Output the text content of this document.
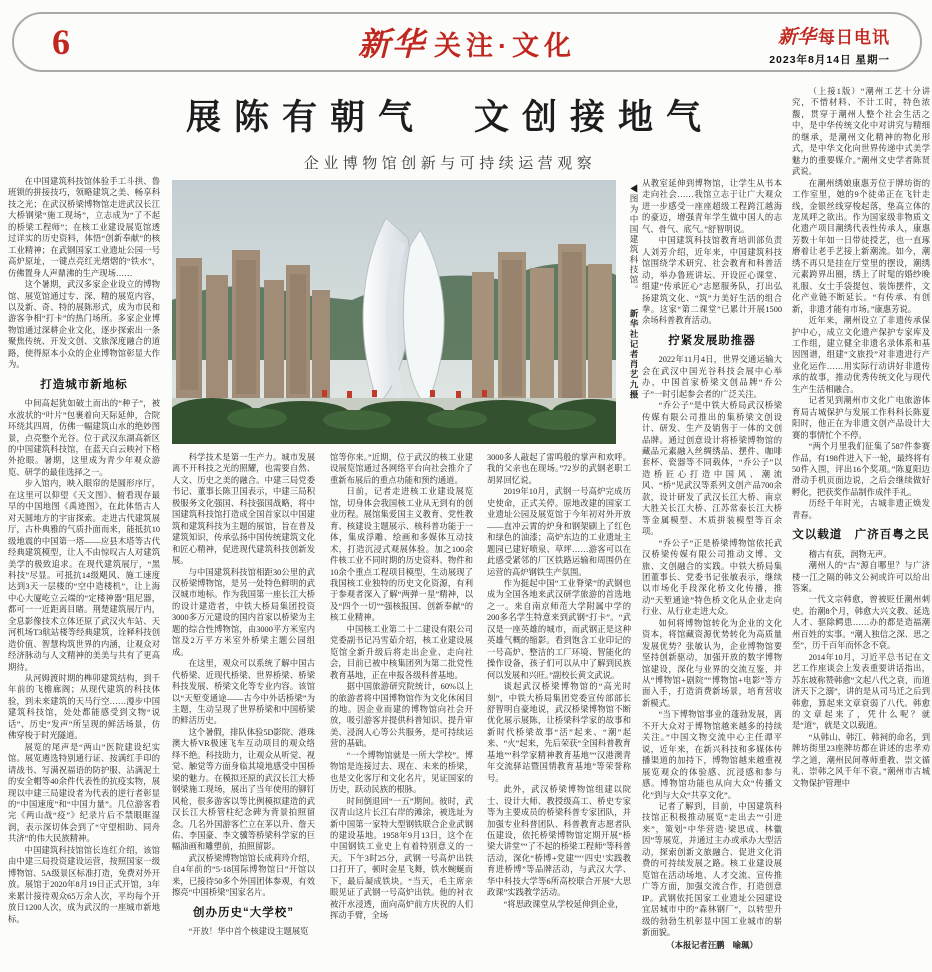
6	新华 关注·文化	新华 每日电讯
2023年8月14日 星期一
展陈有朝气　文创接地气
企业博物馆创新与可持续运营观察
◀图为中国建筑科技馆。新华社记者肖艺九摄

在中国建筑科技馆体验手工斗拱、鲁班锁的拼接技巧，领略建筑之美、畅享科技之光；在武汉桥梁博物馆走进武汉长江大桥钢梁“施工现场”，立志成为“了不起的桥梁工程师”；在核工业建设展览馆透过详实的历史资料，体悟“创新奉献”的核工业精神；在武钢国家工业遗址公园一号高炉原址，一键点亮红光熠熠的“铁水”，仿佛置身人声鼎沸的生产现场……

这个暑期，武汉多家企业设立的博物馆、展览馆通过专、深、精的展览内容，以及新、奇、特的展陈形式，成为市民和游客争相“打卡”的热门场所。多家企业博物馆通过深耕企业文化，逐步探索出一条聚焦传统、开发文创、文旅深度融合的道路，使得原本小众的企业博物馆彰显大作为。

打造城市新地标

中间高起犹如破土而出的“种子”，被水波状的“叶片”包裹着向天际延伸，合院环绕其四周，仿佛一幅建筑山水的绝妙图景，点亮整个光谷。位于武汉东湖高新区的中国建筑科技馆，在蓝天白云映衬下格外抢眼。暑期，这里成为青少年观众游览、研学的最佳选择之一。

步入馆内，映入眼帘的是圆形序厅，在这里可以仰望《天文图》、俯看现存最早的中国地图《禹迹图》，在此体悟古人对天圆地方的宇宙探索。走进古代建筑展厅，古朴典雅的气质扑面而来，能抵抗10级地震的中国第一塔——应县木塔等古代经典建筑模型，让人不由惊叹古人对建筑美学的极致追求。在现代建筑展厅，“黑科技”尽显。可抵抗14级飓风、施工速度达到3天一层楼的“空中造楼机”，让上海中心大厦屹立云端的“定楼神器”阻尼器，都可一一近距离目睹。荆楚建筑展厅内，全息影像技术立体还原了武汉火车站、天河机场T3航站楼等经典建筑，诠释科技创造价值、智慧构筑世界的内涵，让观众对经济脉动与人文精神的美美与共有了更高期待。

从河姆渡时期的榫卯建筑结构，到千年前的飞檐廊阁；从现代建筑的科技体验，到未来建筑的天马行空……漫步中国建筑科技馆，处处都能感受到文物“说话”、历史“发声”所呈现的鲜活场景，仿佛穿梭于时光隧道。

展览的尾声是“两山”医院建设纪实馆。展览遴选特别通行证、按满红手印的请战书、写满祝福语的防护服、沾满泥土的安全帽等40余件代表性的抗疫实物，展现以中建三局建设者为代表的逆行者彰显的“中国速度”和“中国力量”。几位游客看完《两山战“疫”》纪录片后不禁眼眶湿润，表示深切体会到了“守望相助、同舟共济”的伟大民族精神。

中国建筑科技馆馆长连红介绍，该馆由中建三局投资建设运营，按照国家一级博物馆、5A级景区标准打造，免费对外开放。展馆于2020年8月19日正式开馆，3年来累计接待观众65万余人次，平均每个开放日1200人次，成为武汉的一座城市新地标。

科学技术是第一生产力。城市发展离不开科技之光的照耀，也需要自然、人文、历史之美的融合。中建三局党委书记、董事长陈卫国表示，中建三局积极服务文化强国、科技强国战略，将中国建筑科技馆打造成全国首家以中国建筑和建筑科技为主题的展馆，旨在普及建筑知识，传承弘扬中国传统建筑文化和匠心精神，促进现代建筑科技创新发展。

与中国建筑科技馆相距30公里的武汉桥梁博物馆，是另一处特色鲜明的武汉城市地标。作为我国第一座长江大桥的设计建造者，中铁大桥局集团投资3000多万元建设的国内首家以桥梁为主题的综合性博物馆，由3000平方米室内馆及2万平方米室外桥梁主题公园组成。

在这里，观众可以系统了解中国古代桥梁、近现代桥梁、世界桥梁、桥梁科技发展、桥梁文化等专业内容。该馆以“天堑变通途——古今中外话桥梁”为主题，生动呈现了世界桥梁和中国桥梁的鲜活历史。

这个暑假，排队体验5D影院、港珠澳大桥VR极速飞车互动项目的观众络绎不绝。科技助力，让观众从听觉、视觉、触觉等方面身临其境地感受中国桥梁的魅力。在模拟还原的武汉长江大桥钢梁施工现场，展出了当年使用的铆钉风枪，很多游客以等比例模拟建造的武汉长江大桥管柱纪念碑为背景拍照留念。几名外国游客伫立在茅以升、詹天佑、李国豪、李文骥等桥梁科学家的巨幅油画和雕塑前，拍照留影。

武汉桥梁博物馆馆长成莉玲介绍，自4年前的“5·18国际博物馆日”开馆以来，已接待50多个外国团体参观，有效擦亮“中国桥梁”国家名片。

创办历史“大学校”

“开放！华中首个核建设主题展览

馆等你来。”近期，位于武汉的核工业建设展览馆通过各网络平台向社会推介了重新布展后的重点功能和预约通道。

日前，记者走进核工业建设展览馆，切身体会我国核工业从无到有的创业历程。展馆集爱国主义教育、党性教育、核建设主题展示、核科普功能于一体，集成浮雕、绘画和多媒体互动技术，打造沉浸式观展体验。加之100余件核工业不同时期的历史资料、物件和10余个重点工程项目模型，生动展现了我国核工业独特的历史文化资源，有利于参观者深入了解“两弹一星”精神，以及“四个一切”“强核报国、创新奉献”的核工业精神。

中国核工业第二十二建设有限公司党委副书记冯雪茹介绍，核工业建设展览馆全新升级后将走出企业、走向社会，目前已被中核集团列为第二批党性教育基地，正在申报各级科普基地。

据中国旅游研究院统计，60%以上的旅游者将中国博物馆作为文化休闲目的地。因企业而建的博物馆向社会开放，吸引游客并提供科普知识、提升审美、浸润人心等公共服务，是可持续运营的基础。

“一个博物馆就是一所大学校”。博物馆是连接过去、现在、未来的桥梁，也是文化客厅和文化名片，见证国家的历史，跃动民族的根脉。

时间倒退回“一五”期间。彼时，武汉青山这片长江右岸的滩涂，被选址为新中国第一家特大型钢铁联合企业武钢的建设基地。1958年9月13日，这个在中国钢铁工业史上有着特别意义的一天。下午3时25分，武钢一号高炉出铁口打开了，顿时金星飞舞，铁水蜿蜒而下，最后凝成铁块。“当天，毛主席亲眼见证了武钢一号高炉出铁。他的衬衣被汗水浸透，面向高炉前方庆祝的人们挥动手臂，全场

3000多人敲起了雷鸣般的掌声和欢呼。我的父亲也在现场。”72岁的武钢老职工胡昇回忆说。

2019年10月，武钢一号高炉完成历史使命，正式关停。原地改建的国家工业遗址公园及展览馆于今年初对外开放——直冲云霄的炉身和钢架刷上了红色和绿色的油漆；高炉东边的工业遗址主题园已建好喷泉、草坪……游客可以在此感受紧邻的厂区铁路运输和周围仍在运营的高炉钢铁生产氛围。

作为挺起中国“工业脊梁”的武钢也成为全国各地来武汉研学旅游的首选地之一。来自南京师范大学附属中学的200多名学生特意来到武钢“打卡”。“武汉是一座英雄的城市，而武钢正是这种英雄气概的缩影。看到饱含工业印记的一号高炉、整洁的工厂环境、智能化的操作设备，孩子们可以从中了解到民族何以发展和兴旺。”副校长黄文武说。

谈起武汉桥梁博物馆的“高光时刻”，中铁大桥局集团党委宣传部部长舒智明自豪地说，武汉桥梁博物馆不断优化展示展陈，让桥梁科学家的故事和新时代桥梁故事“活”起来、“潮”起来、“火”起来，先后荣获“全国科普教育基地”“科学家精神教育基地”“汉港澳青年交流驿站暨国情教育基地”等荣誉称号。

此外，武汉桥梁博物馆组建以院士、设计大师、教授级高工、桥史专家等为主要成员的桥梁科普专家团队，并加强专业科普团队、科普教育志愿者队伍建设，依托桥梁博物馆定期开展“桥梁大讲堂”“了不起的桥梁工程师”等科普活动，深化“桥博+党建”“‘四史’实践教育进桥博”等品牌活动，与武汉大学、华中科技大学等6所高校联合开展“大思政课”实践教学活动。

“将思政课堂从学校延伸到企业，

从教室延伸到博物馆，让学生从书本走向社会……我馆立志于让广大观众进一步感受一座座超级工程跨江越海的豪迈，增强青年学生做中国人的志气、骨气、底气。”舒智明说。

中国建筑科技馆教育培训部负责人刘芳介绍，近年来，中国建筑科技馆围绕学术研究、社会教育和科普活动，举办鲁班讲坛、开设匠心课堂、组建“传承匠心”志愿服务队，打出弘扬建筑文化、“筑”力美好生活的组合拳。这家“第二课堂”已累计开展1500余场科普教育活动。

拧紧发展助推器

2022年11月4日，世界交通运输大会在武汉中国光谷科技会展中心举办，中国首家桥梁文创品牌“乔公子”一时引起参会者的广泛关注。

“乔公子”是中铁大桥局武汉桥梁传媒有限公司推出的集桥梁文创设计、研发、生产及销售于一体的文创品牌。通过创意设计将桥梁博物馆的藏品元素融入丝绸绣品、摆件、咖啡套杯、瓷器等不同载体，“乔公子”以造桥匠心打造中国风、潮流风、“桥”见武汉等系列文创产品700余款，设计研发了武汉长江大桥、南京大胜关长江大桥、江苏常泰长江大桥等金属模型、木质拼装模型等百余项。

“乔公子”正是桥梁博物馆依托武汉桥梁传媒有限公司推动文博、文旅、文创融合的实践。中铁大桥局集团董事长、党委书记张敏表示，继续以市场化手段深化桥文化传播，推动“天堑通途”特色桥文化从企业走向行业、从行业走进大众。

如何将博物馆转化为企业的文化资本，将馆藏资源优势转化为高质量发展优势？张敏认为，企业博物馆要坚持创新驱动，加强开放的数字博物馆建设，深化与业界的交流互鉴，并从“博物馆+剧院”“博物馆+电影”等方面入手，打造消费新场景，培育营收新模式。

“当下博物馆事业的蓬勃发展，离不开大众对于博物馆越来越多的持续关注。”中国文物交流中心主任谭平说，近年来，在新兴科技和多媒体传播渠道的加持下，博物馆越来越重视展览观众的体验感、沉浸感和参与感。博物馆功能也从向大众“传播文化”到与大众“共享文化”。

记者了解到，目前，中国建筑科技馆正积极推动展览“走出去”“引进来”，策划“中华营造·梁思成、林徽因”等展览，并通过主办或承办大型活动，探索创新文旅融合、促进文化消费的可持续发展之路。核工业建设展览馆在活动场地、人才交流、宣传推广等方面，加强交流合作，打造创意IP。武钢依托国家工业遗址公园建设宜居城市中的“森林钢厂”，以转型升级的勃勃生机彰显中国工业城市的崭新面貌。

（本报记者汪鹏　喻珮）

（上接1版）“潮州工艺十分讲究，不惜材料、不计工时，特色浓馥，贯穿于潮州人整个社会生活之中，是中华传统文化中对讲究与精细的继承，是潮州文化精神的物化形式，是中华文化向世界传递中式美学魅力的重要媒介。”潮州文史学者陈贤武说。

在潮州绣娘康惠芳位于牌坊街的工作室里，她的9个徒弟正在飞针走线，金银丝线穿梭起落，垫高立体的龙凤呼之欲出。作为国家级非物质文化遗产项目潮绣代表性传承人，康惠芳数十年如一日带徒授艺，也一直琢磨着让老手艺接上新潮流。如今，潮绣不再只是挂在厅堂里的摆设，潮绣元素跨界出圈，绣上了时髦的婚纱晚礼服、女士手袋提包、装饰摆件，文化产业链不断延长。“有传承、有创新，非遗才能有市场。”康惠芳说。

近年来，潮州设立了非遗传承保护中心，成立文化遗产保护专家库及工作组，建立健全非遗名录体系和基因图谱，组建“文旅投”对非遗进行产业化运作……用实际行动讲好非遗传承的故事，推动优秀传统文化与现代生产生活相融合。

记者见到潮州市文化广电旅游体育局古城保护与发展工作科科长陈夏阳时，他正在为非遗文创产品设计大赛的事情忙个不停。

“两个月里我们征集了587件参赛作品，有198件进入下一轮，最终将有50件入围，评出16个奖项。”陈夏阳边滑动手机页面边说，之后会继续做好孵化，把获奖作品制作成伴手礼。

历经千年时光，古城非遗正焕发青春。

文以载道　广济百粤之民

稽古有获，润物无声。

潮州人的“古”源自哪里？与广济楼一江之隔的韩文公祠或许可以给出答案。

一代文宗韩愈，曾被贬任潮州刺史。治潮8个月，韩愈大兴文教、延选人才、驱除鳄患……办的都是造福潮州百姓的实事。“潮人独信之深、思之至”，历千百年而怀念不衰。

2014年10月，习近平总书记在文艺工作座谈会上发表重要讲话指出，苏东坡称赞韩愈“文起八代之衰，而道济天下之溺”，讲的是从司马迁之后到韩愈，算起来文章衰弱了八代。韩愈的文章起来了，凭什么呢？就是“道”，就是文以载道。

“从韩山、韩江、韩祠的命名，到牌坊街里23座牌坊都在讲述的忠孝劝学之道，潮州民间尊师重教、崇文循礼、崇韩之风千年不衰。”潮州市古城文物保护管理中
